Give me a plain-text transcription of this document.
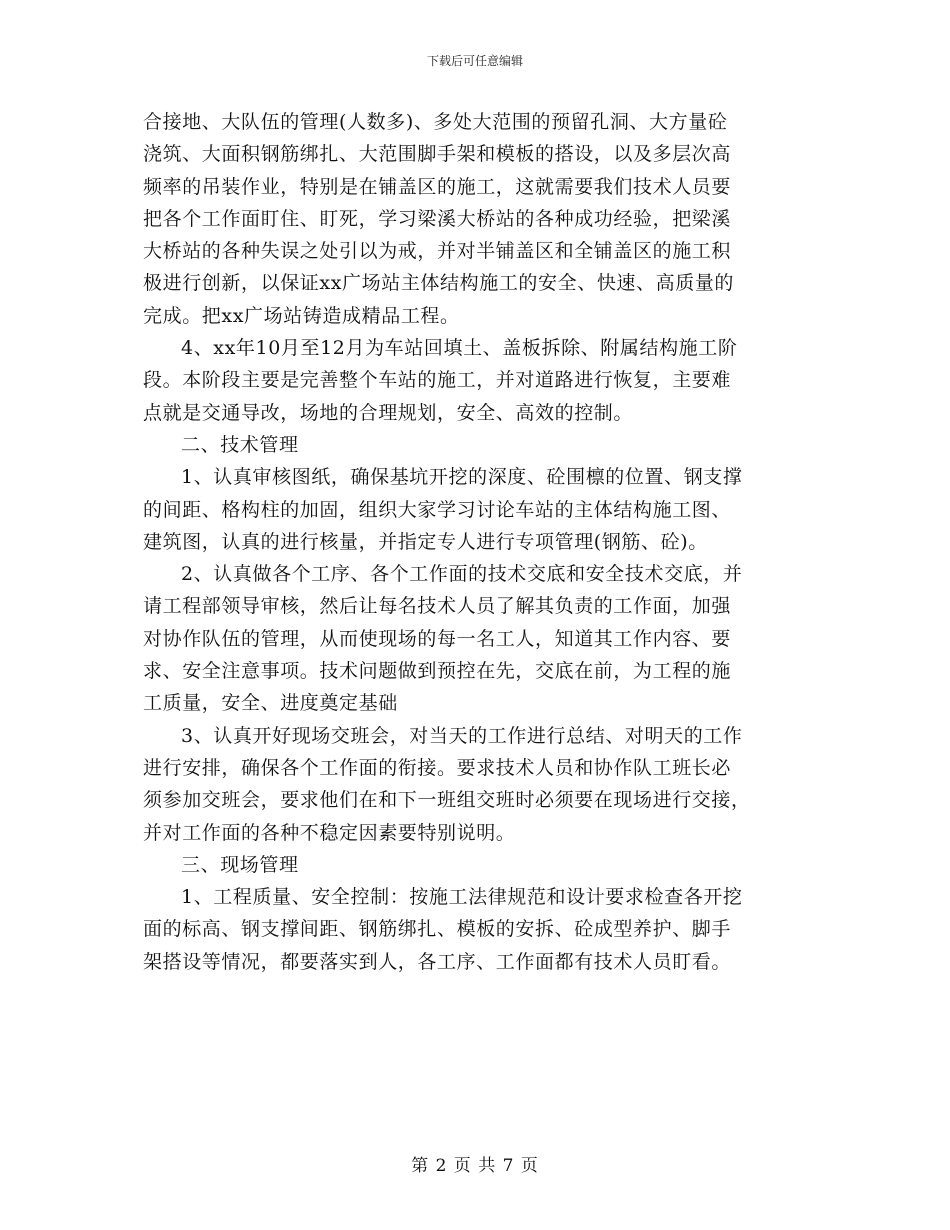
下载后可任意编辑

合接地、大队伍的管理(人数多)、多处大范围的预留孔洞、大方量砼

浇筑、大面积钢筋绑扎、大范围脚手架和模板的搭设，以及多层次高

频率的吊装作业，特别是在铺盖区的施工，这就需要我们技术人员要

把各个工作面盯住、盯死，学习梁溪大桥站的各种成功经验，把梁溪

大桥站的各种失误之处引以为戒，并对半铺盖区和全铺盖区的施工积

极进行创新，以保证xx广场站主体结构施工的安全、快速、高质量的

完成。把xx广场站铸造成精品工程。

4、xx年10月至12月为车站回填土、盖板拆除、附属结构施工阶

段。本阶段主要是完善整个车站的施工，并对道路进行恢复，主要难

点就是交通导改，场地的合理规划，安全、高效的控制。

二、技术管理

1、认真审核图纸，确保基坑开挖的深度、砼围檩的位置、钢支撑

的间距、格构柱的加固，组织大家学习讨论车站的主体结构施工图、

建筑图，认真的进行核量，并指定专人进行专项管理(钢筋、砼)。

2、认真做各个工序、各个工作面的技术交底和安全技术交底，并

请工程部领导审核，然后让每名技术人员了解其负责的工作面，加强

对协作队伍的管理，从而使现场的每一名工人，知道其工作内容、要

求、安全注意事项。技术问题做到预控在先，交底在前，为工程的施

工质量，安全、进度奠定基础

3、认真开好现场交班会，对当天的工作进行总结、对明天的工作

进行安排，确保各个工作面的衔接。要求技术人员和协作队工班长必

须参加交班会，要求他们在和下一班组交班时必须要在现场进行交接，

并对工作面的各种不稳定因素要特别说明。

三、现场管理

1、工程质量、安全控制：按施工法律规范和设计要求检查各开挖

面的标高、钢支撑间距、钢筋绑扎、模板的安拆、砼成型养护、脚手

架搭设等情况，都要落实到人，各工序、工作面都有技术人员盯看。

第 2 页 共 7 页
